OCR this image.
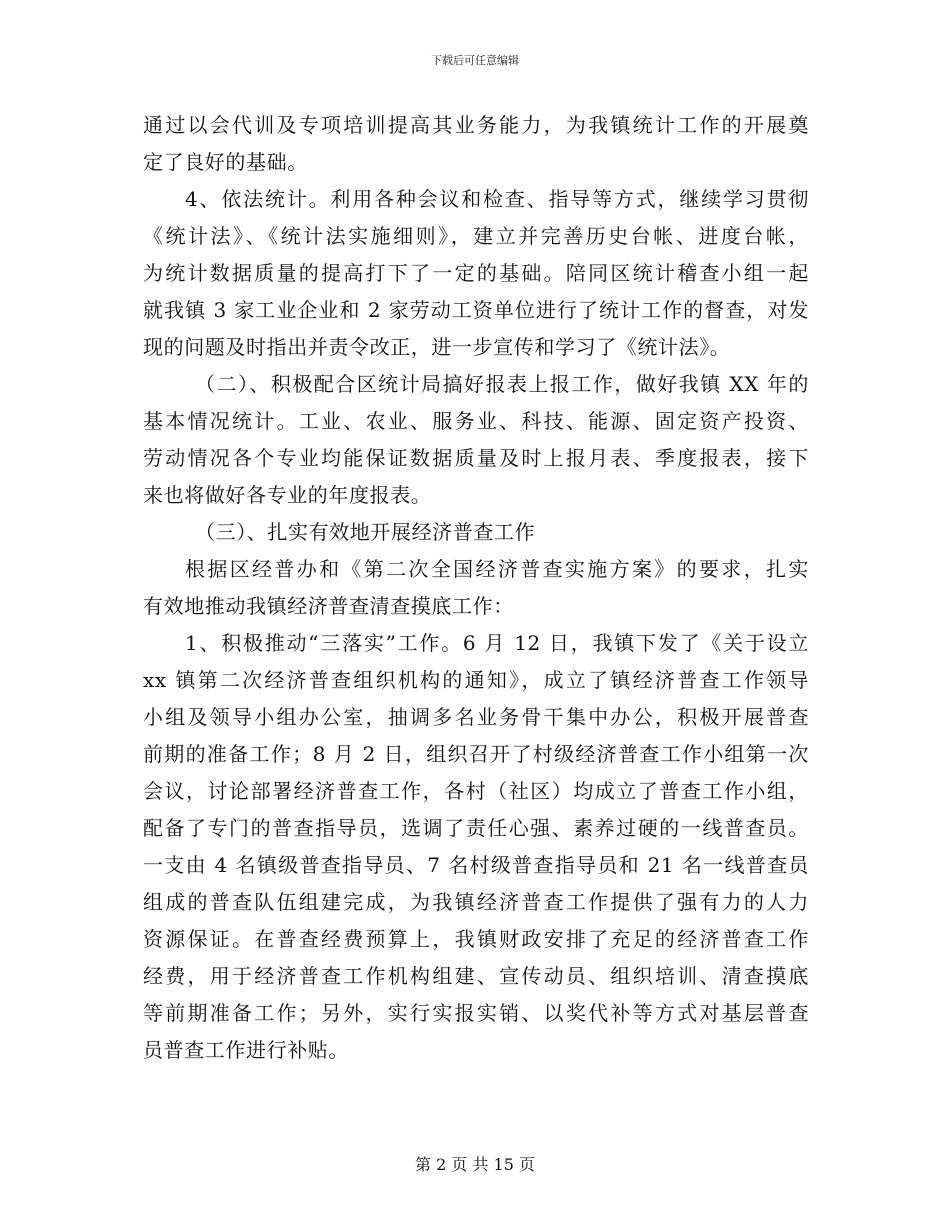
下载后可任意编辑
通过以会代训及专项培训提高其业务能力，为我镇统计工作的开展奠
定了良好的基础。
4、依法统计。利用各种会议和检查、指导等方式，继续学习贯彻
《统计法》、《统计法实施细则》，建立并完善历史台帐、进度台帐，
为统计数据质量的提高打下了一定的基础。陪同区统计稽查小组一起
就我镇 3 家工业企业和 2 家劳动工资单位进行了统计工作的督查，对发
现的问题及时指出并责令改正，进一步宣传和学习了《统计法》。
（二）、积极配合区统计局搞好报表上报工作，做好我镇 XX 年的
基本情况统计。工业、农业、服务业、科技、能源、固定资产投资、
劳动情况各个专业均能保证数据质量及时上报月表、季度报表，接下
来也将做好各专业的年度报表。
（三）、扎实有效地开展经济普查工作
根据区经普办和《第二次全国经济普查实施方案》的要求，扎实
有效地推动我镇经济普查清查摸底工作：
1、积极推动“三落实”工作。6 月 12 日，我镇下发了《关于设立
xx 镇第二次经济普查组织机构的通知》，成立了镇经济普查工作领导
小组及领导小组办公室，抽调多名业务骨干集中办公，积极开展普查
前期的准备工作；8 月 2 日，组织召开了村级经济普查工作小组第一次
会议，讨论部署经济普查工作，各村（社区）均成立了普查工作小组，
配备了专门的普查指导员，选调了责任心强、素养过硬的一线普查员。
一支由 4 名镇级普查指导员、7 名村级普查指导员和 21 名一线普查员
组成的普查队伍组建完成，为我镇经济普查工作提供了强有力的人力
资源保证。在普查经费预算上，我镇财政安排了充足的经济普查工作
经费，用于经济普查工作机构组建、宣传动员、组织培训、清查摸底
等前期准备工作；另外，实行实报实销、以奖代补等方式对基层普查
员普查工作进行补贴。
第 2 页 共 15 页
